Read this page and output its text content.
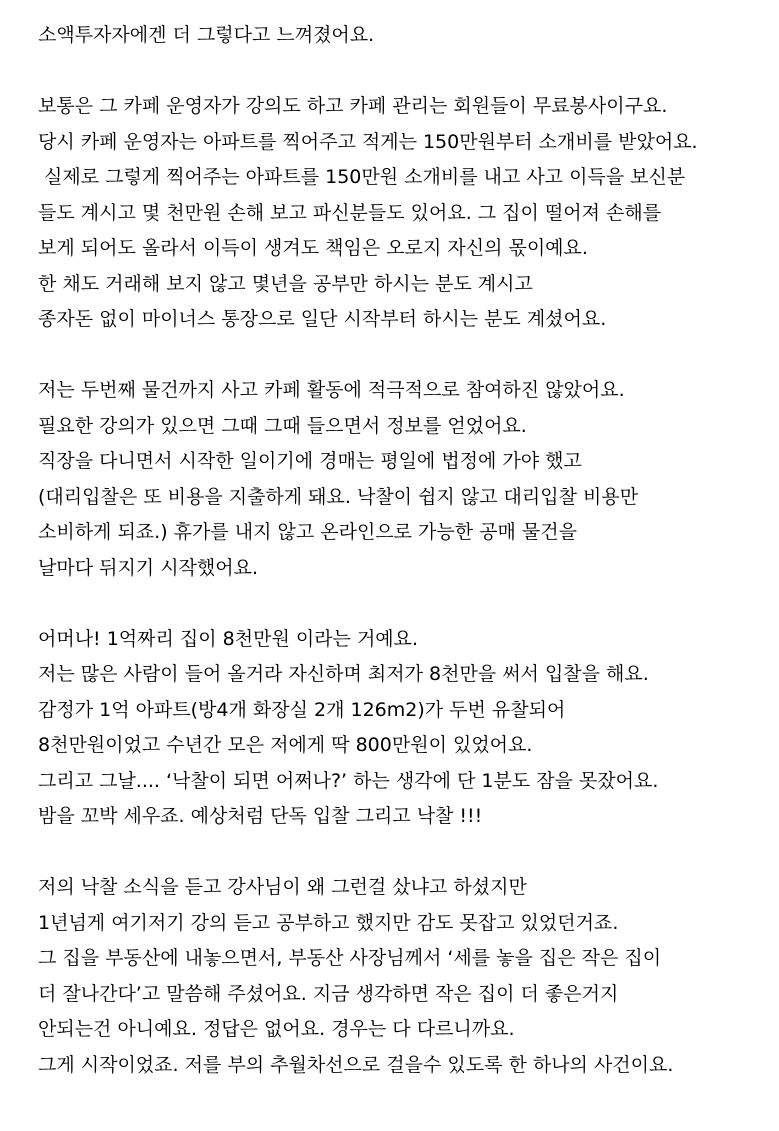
소액투자자에겐 더 그렇다고 느껴졌어요.
보통은 그 카페 운영자가 강의도 하고 카페 관리는 회원들이 무료봉사이구요.
당시 카페 운영자는 아파트를 찍어주고 적게는 150만원부터 소개비를 받았어요.
실제로 그렇게 찍어주는 아파트를 150만원 소개비를 내고 사고 이득을 보신분
들도 계시고 몇 천만원 손해 보고 파신분들도 있어요. 그 집이 떨어져 손해를
보게 되어도 올라서 이득이 생겨도 책임은 오로지 자신의 몫이예요.
한 채도 거래해 보지 않고 몇년을 공부만 하시는 분도 계시고
종자돈 없이 마이너스 통장으로 일단 시작부터 하시는 분도 계셨어요.
저는 두번째 물건까지 사고 카페 활동에 적극적으로 참여하진 않았어요.
필요한 강의가 있으면 그때 그때 들으면서 정보를 얻었어요.
직장을 다니면서 시작한 일이기에 경매는 평일에 법정에 가야 했고
(대리입찰은 또 비용을 지출하게 돼요. 낙찰이 쉽지 않고 대리입찰 비용만
소비하게 되죠.) 휴가를 내지 않고 온라인으로 가능한 공매 물건을
날마다 뒤지기 시작했어요.
어머나! 1억짜리 집이 8천만원 이라는 거예요.
저는 많은 사람이 들어 올거라 자신하며 최저가 8천만을 써서 입찰을 해요.
감정가 1억 아파트(방4개 화장실 2개 126m2)가 두번 유찰되어
8천만원이었고 수년간 모은 저에게 딱 800만원이 있었어요.
그리고 그날.... ‘낙찰이 되면 어쩌나?’ 하는 생각에 단 1분도 잠을 못잤어요.
밤을 꼬박 세우죠. 예상처럼 단독 입찰 그리고 낙찰 !!!
저의 낙찰 소식을 듣고 강사님이 왜 그런걸 샀냐고 하셨지만
1년넘게 여기저기 강의 듣고 공부하고 했지만 감도 못잡고 있었던거죠.
그 집을 부동산에 내놓으면서, 부동산 사장님께서 ‘세를 놓을 집은 작은 집이
더 잘나간다’고 말씀해 주셨어요. 지금 생각하면 작은 집이 더 좋은거지
안되는건 아니예요. 정답은 없어요. 경우는 다 다르니까요.
그게 시작이었죠. 저를 부의 추월차선으로 걸을수 있도록 한 하나의 사건이요.
